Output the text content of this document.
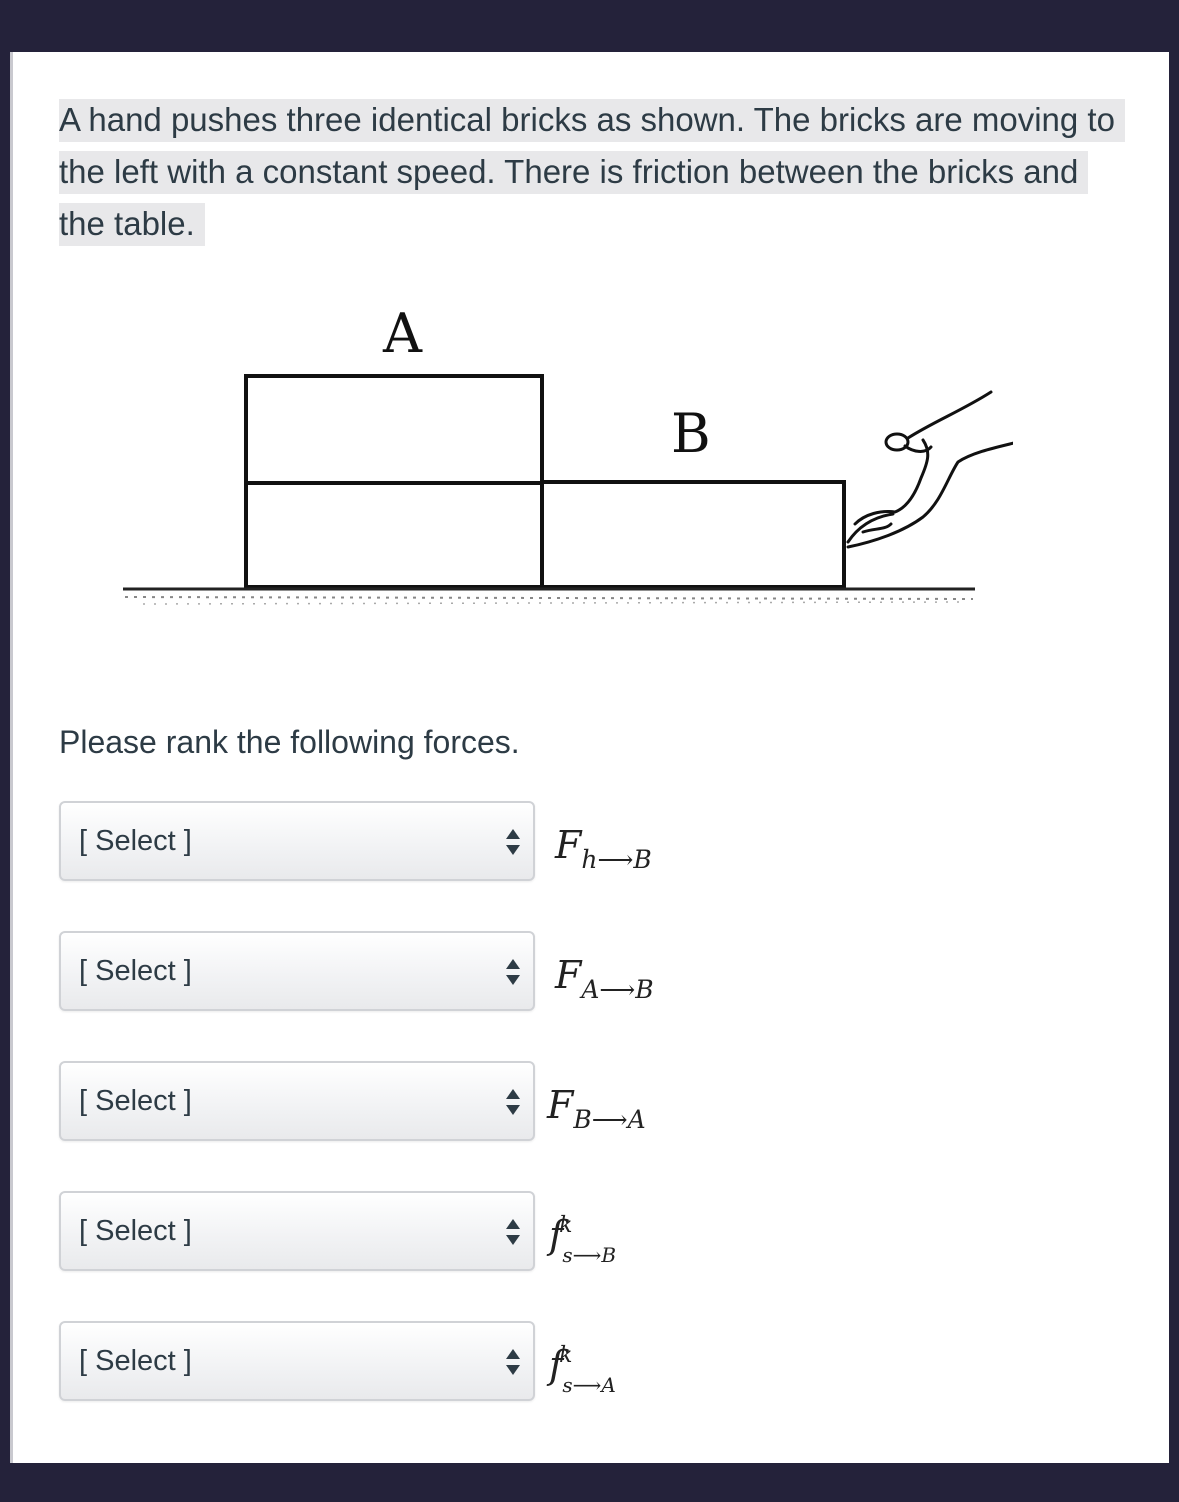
A hand pushes three identical bricks as shown. The bricks are moving to the left with a constant speed. There is friction between the bricks and the table.

A
B

Please rank the following forces.

[ Select ]	$F_{h⟶B}$
[ Select ]	$F_{A⟶B}$
[ Select ]	$F_{B⟶A}$
[ Select ]	$f^k_{s⟶B}$
[ Select ]	$f^k_{s⟶A}$
